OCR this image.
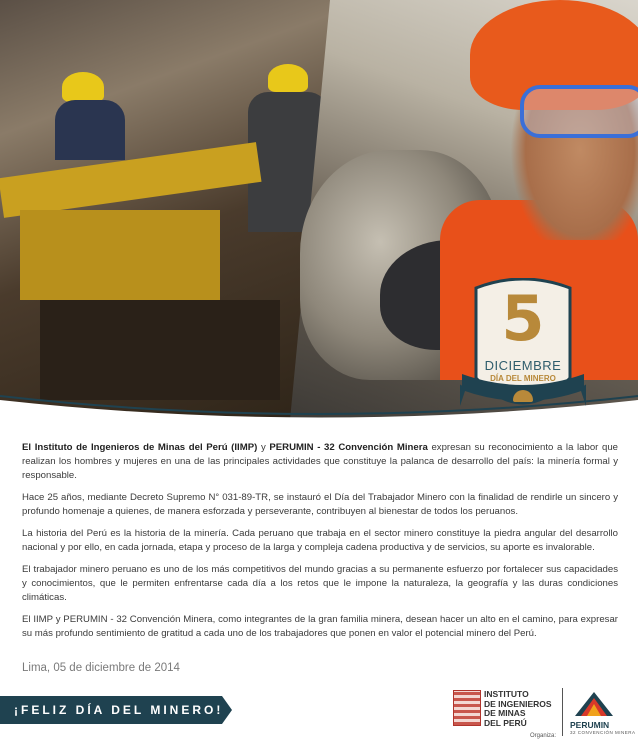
5
DICIEMBRE
DÍA DEL MINERO

El Instituto de Ingenieros de Minas del Perú (IIMP) y PERUMIN - 32 Convención Minera expresan su reconocimiento a la labor que realizan los hombres y mujeres en una de las principales actividades que constituye la palanca de desarrollo del país: la minería formal y responsable.

Hace 25 años, mediante Decreto Supremo N° 031-89-TR, se instauró el Día del Trabajador Minero con la finalidad de rendirle un sincero y profundo homenaje a quienes, de manera esforzada y perseverante, contribuyen al bienestar de todos los peruanos.

La historia del Perú es la historia de la minería. Cada peruano que trabaja en el sector minero constituye la piedra angular del desarrollo nacional y por ello, en cada jornada, etapa y proceso de la larga y compleja cadena productiva y de servicios, su aporte es invalorable.

El trabajador minero peruano es uno de los más competitivos del mundo gracias a su permanente esfuerzo por fortalecer sus capacidades y conocimientos, que le permiten enfrentarse cada día a los retos que le impone la naturaleza, la geografía y las duras condiciones climáticas.

El IIMP y PERUMIN - 32 Convención Minera, como integrantes de la gran familia minera, desean hacer un alto en el camino, para expresar su más profundo sentimiento de gratitud a cada uno de los trabajadores que ponen en valor el potencial minero del Perú.

Lima, 05 de diciembre de 2014
¡FELIZ DÍA DEL MINERO!
INSTITUTO
DE INGENIEROS
DE MINAS
DEL PERÚ
Organiza:
PERUMIN
32 CONVENCIÓN MINERA
